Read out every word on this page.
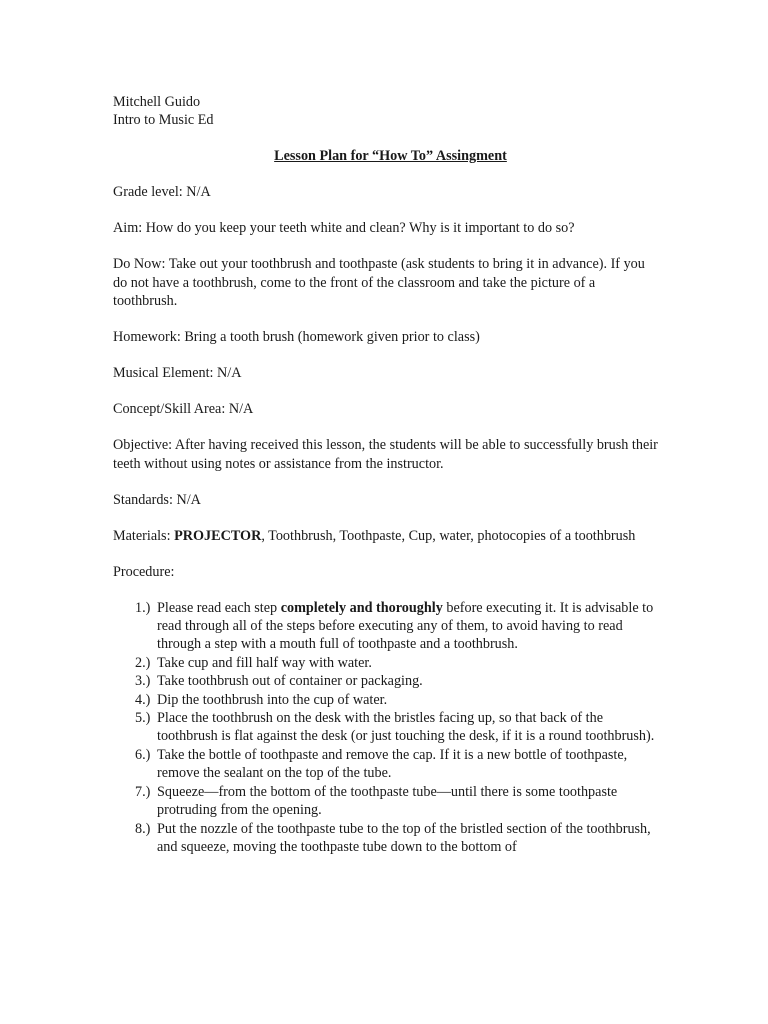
Mitchell Guido

Intro to Music Ed

Lesson Plan for “How To” Assingment

Grade level: N/A

Aim: How do you keep your teeth white and clean? Why is it important to do so?

Do Now: Take out your toothbrush and toothpaste (ask students to bring it in advance). If you do not have a toothbrush, come to the front of the classroom and take the picture of a toothbrush.

Homework: Bring a tooth brush (homework given prior to class)

Musical Element: N/A

Concept/Skill Area: N/A

Objective: After having received this lesson, the students will be able to successfully brush their teeth without using notes or assistance from the instructor.

Standards: N/A

Materials: PROJECTOR, Toothbrush, Toothpaste, Cup, water, photocopies of a toothbrush

Procedure:

1.) Please read each step completely and thoroughly before executing it. It is advisable to read through all of the steps before executing any of them, to avoid having to read through a step with a mouth full of toothpaste and a toothbrush.
2.) Take cup and fill half way with water.
3.) Take toothbrush out of container or packaging.
4.) Dip the toothbrush into the cup of water.
5.) Place the toothbrush on the desk with the bristles facing up, so that back of the toothbrush is flat against the desk (or just touching the desk, if it is a round toothbrush).
6.) Take the bottle of toothpaste and remove the cap. If it is a new bottle of toothpaste, remove the sealant on the top of the tube.
7.) Squeeze—from the bottom of the toothpaste tube—until there is some toothpaste protruding from the opening.
8.) Put the nozzle of the toothpaste tube to the top of the bristled section of the toothbrush, and squeeze, moving the toothpaste tube down to the bottom of
